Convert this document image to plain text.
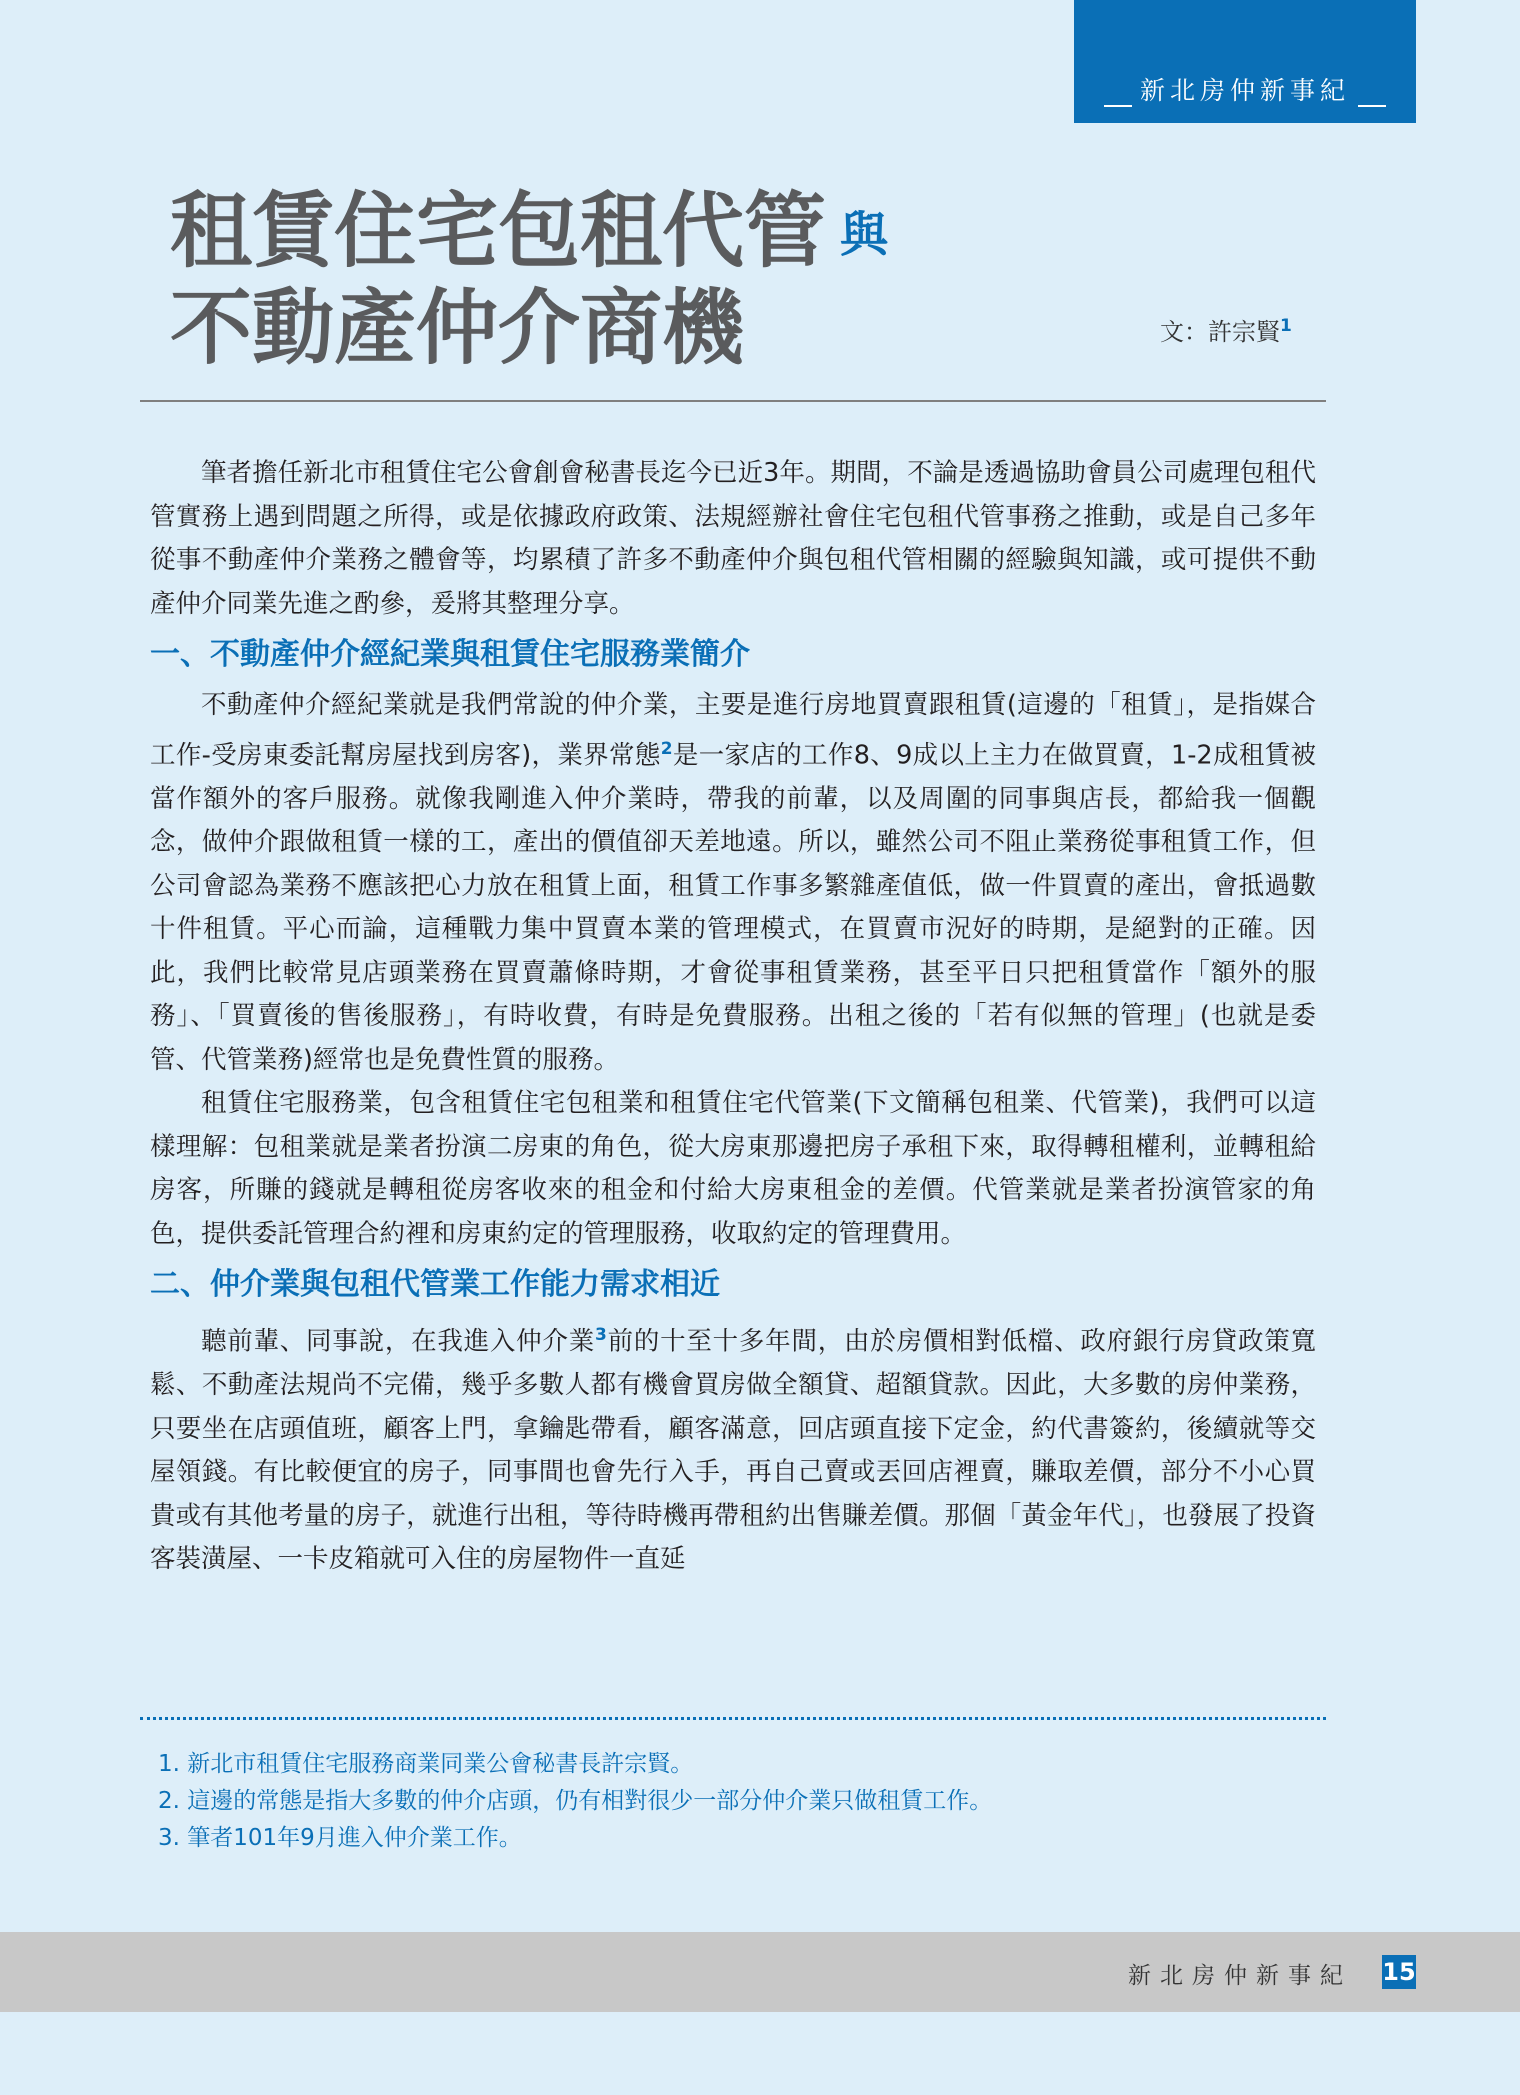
新北房仲新事紀
租賃住宅包租代管 與
不動產仲介商機	文：許宗賢$^1$

筆者擔任新北市租賃住宅公會創會秘書長迄今已近3年。期間，不論是透過協助會員公司處理包租代管實務上遇到問題之所得，或是依據政府政策、法規經辦社會住宅包租代管事務之推動，或是自己多年從事不動產仲介業務之體會等，均累積了許多不動產仲介與包租代管相關的經驗與知識，或可提供不動產仲介同業先進之酌參，爰將其整理分享。

一、不動產仲介經紀業與租賃住宅服務業簡介

不動產仲介經紀業就是我們常說的仲介業，主要是進行房地買賣跟租賃(這邊的「租賃」，是指媒合工作-受房東委託幫房屋找到房客)，業界常態$^2$是一家店的工作8、9成以上主力在做買賣，1-2成租賃被當作額外的客戶服務。就像我剛進入仲介業時，帶我的前輩，以及周圍的同事與店長，都給我一個觀念，做仲介跟做租賃一樣的工，產出的價值卻天差地遠。所以，雖然公司不阻止業務從事租賃工作，但公司會認為業務不應該把心力放在租賃上面，租賃工作事多繁雜產值低，做一件買賣的產出，會抵過數十件租賃。平心而論，這種戰力集中買賣本業的管理模式，在買賣市況好的時期，是絕對的正確。因此，我們比較常見店頭業務在買賣蕭條時期，才會從事租賃業務，甚至平日只把租賃當作「額外的服務」、「買賣後的售後服務」，有時收費，有時是免費服務。出租之後的「若有似無的管理」(也就是委管、代管業務)經常也是免費性質的服務。

租賃住宅服務業，包含租賃住宅包租業和租賃住宅代管業(下文簡稱包租業、代管業)，我們可以這樣理解：包租業就是業者扮演二房東的角色，從大房東那邊把房子承租下來，取得轉租權利，並轉租給房客，所賺的錢就是轉租從房客收來的租金和付給大房東租金的差價。代管業就是業者扮演管家的角色，提供委託管理合約裡和房東約定的管理服務，收取約定的管理費用。

二、仲介業與包租代管業工作能力需求相近

聽前輩、同事說，在我進入仲介業$^3$前的十至十多年間，由於房價相對低檔、政府銀行房貸政策寬鬆、不動產法規尚不完備，幾乎多數人都有機會買房做全額貸、超額貸款。因此，大多數的房仲業務，只要坐在店頭值班，顧客上門，拿鑰匙帶看，顧客滿意，回店頭直接下定金，約代書簽約，後續就等交屋領錢。有比較便宜的房子，同事間也會先行入手，再自己賣或丟回店裡賣，賺取差價，部分不小心買貴或有其他考量的房子，就進行出租，等待時機再帶租約出售賺差價。那個「黃金年代」，也發展了投資客裝潢屋、一卡皮箱就可入住的房屋物件一直延

1. 新北市租賃住宅服務商業同業公會秘書長許宗賢。
2. 這邊的常態是指大多數的仲介店頭，仍有相對很少一部分仲介業只做租賃工作。
3. 筆者101年9月進入仲介業工作。
新北房仲新事紀 15
